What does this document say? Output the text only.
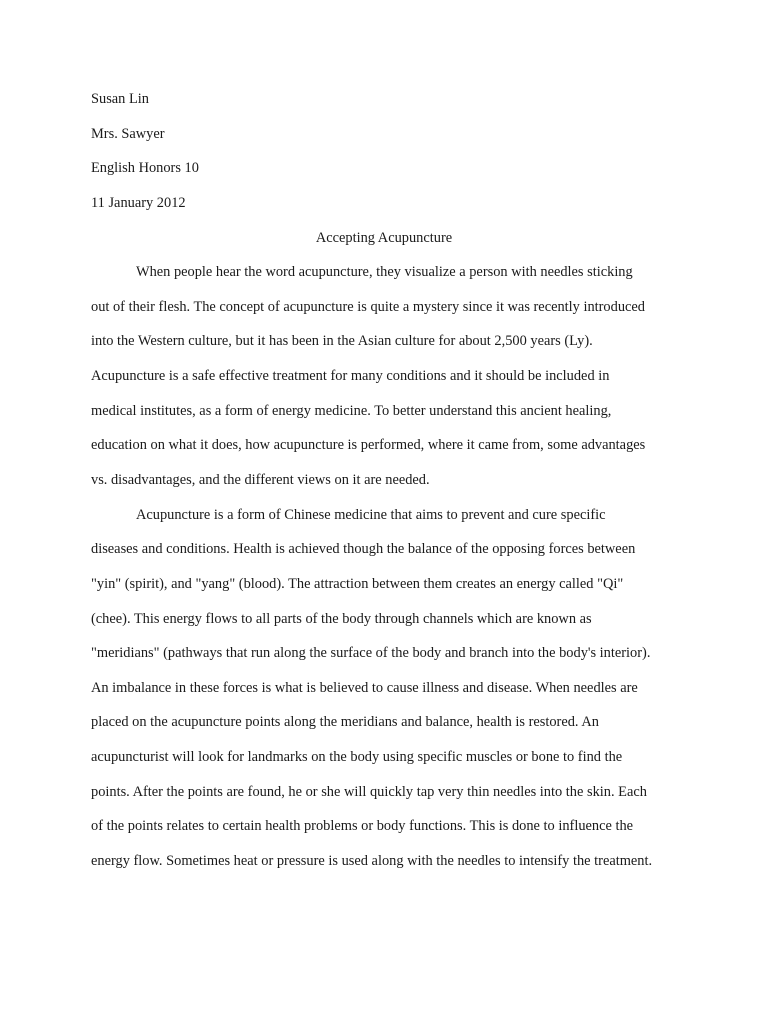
Susan Lin
Mrs. Sawyer
English Honors 10
11 January 2012
Accepting Acupuncture
When people hear the word acupuncture, they visualize a person with needles sticking
out of their flesh. The concept of acupuncture is quite a mystery since it was recently introduced
into the Western culture, but it has been in the Asian culture for about 2,500 years (Ly).
Acupuncture is a safe effective treatment for many conditions and it should be included in
medical institutes, as a form of energy medicine. To better understand this ancient healing,
education on what it does, how acupuncture is performed, where it came from, some advantages
vs. disadvantages, and the different views on it are needed.
Acupuncture is a form of Chinese medicine that aims to prevent and cure specific
diseases and conditions. Health is achieved though the balance of the opposing forces between
"yin" (spirit), and "yang" (blood). The attraction between them creates an energy called "Qi"
(chee). This energy flows to all parts of the body through channels which are known as
"meridians" (pathways that run along the surface of the body and branch into the body's interior).
An imbalance in these forces is what is believed to cause illness and disease. When needles are
placed on the acupuncture points along the meridians and balance, health is restored. An
acupuncturist will look for landmarks on the body using specific muscles or bone to find the
points. After the points are found, he or she will quickly tap very thin needles into the skin. Each
of the points relates to certain health problems or body functions. This is done to influence the
energy flow. Sometimes heat or pressure is used along with the needles to intensify the treatment.
